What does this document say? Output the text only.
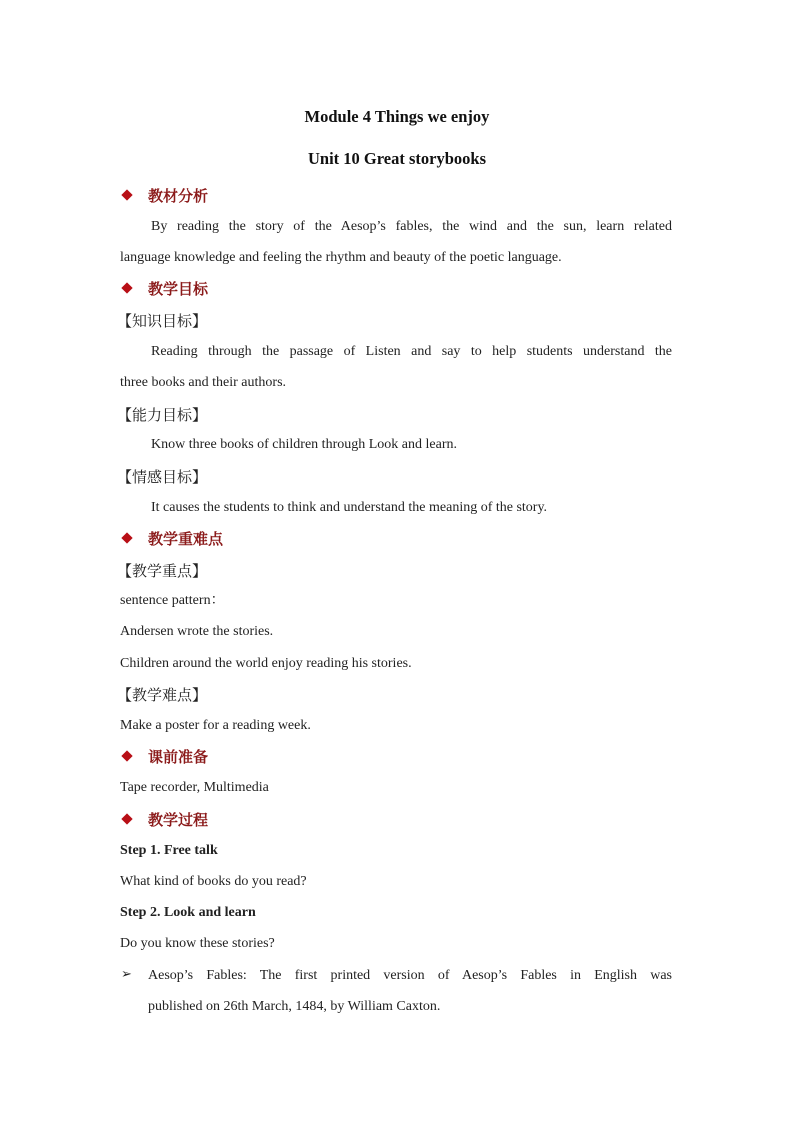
Module 4 Things we enjoy
Unit 10 Great storybooks
教材分析
By reading the story of the Aesop’s fables, the wind and the sun, learn related
language knowledge and feeling the rhythm and beauty of the poetic language.
教学目标
【知识目标】
Reading through the passage of Listen and say to help students understand the
three books and their authors.
【能力目标】
Know three books of children through Look and learn.
【情感目标】
It causes the students to think and understand the meaning of the story.
教学重难点
【教学重点】
sentence pattern：
Andersen wrote the stories.
Children around the world enjoy reading his stories.
【教学难点】
Make a poster for a reading week.
课前准备
Tape recorder, Multimedia
教学过程
Step 1. Free talk
What kind of books do you read?
Step 2. Look and learn
Do you know these stories?
➢ Aesop’s Fables: The first printed version of Aesop’s Fables in English was
published on 26th March, 1484, by William Caxton.
